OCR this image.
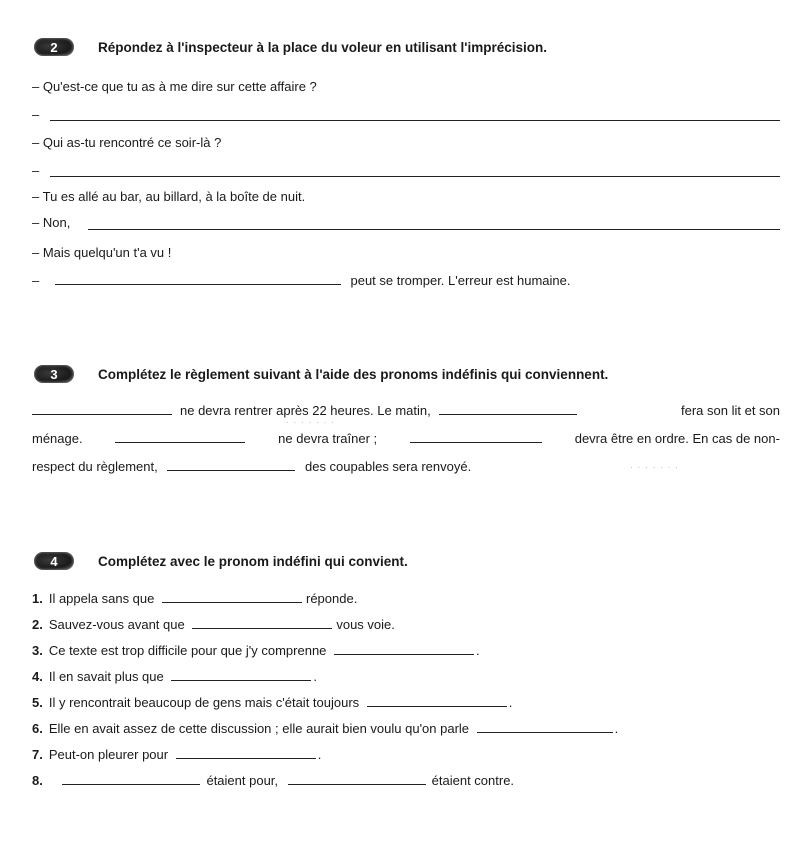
2	Répondez à l'inspecteur à la place du voleur en utilisant l'imprécision.
– Qu'est-ce que tu as à me dire sur cette affaire ?
–
– Qui as-tu rencontré ce soir-là ?
–
– Tu es allé au bar, au billard, à la boîte de nuit.
– Non,
– Mais quelqu'un t'a vu !
–	peut se tromper. L'erreur est humaine.
3	Complétez le règlement suivant à l'aide des pronoms indéfinis qui conviennent.
ne devra rentrer après 22 heures. Le matin,	fera son lit et son
· · · · · · ·
ménage.	ne devra traîner ;	devra être en ordre. En cas de non-
respect du règlement,	des coupables sera renvoyé.	· · · · · · ·
4	Complétez avec le pronom indéfini qui convient.
1. Il appela sans que	réponde.
2. Sauvez-vous avant que	vous voie.
3. Ce texte est trop difficile pour que j'y comprenne	.
4. Il en savait plus que	.
5. Il y rencontrait beaucoup de gens mais c'était toujours	.
6. Elle en avait assez de cette discussion ; elle aurait bien voulu qu'on parle	.
7. Peut-on pleurer pour	.
8.	étaient pour,	étaient contre.
